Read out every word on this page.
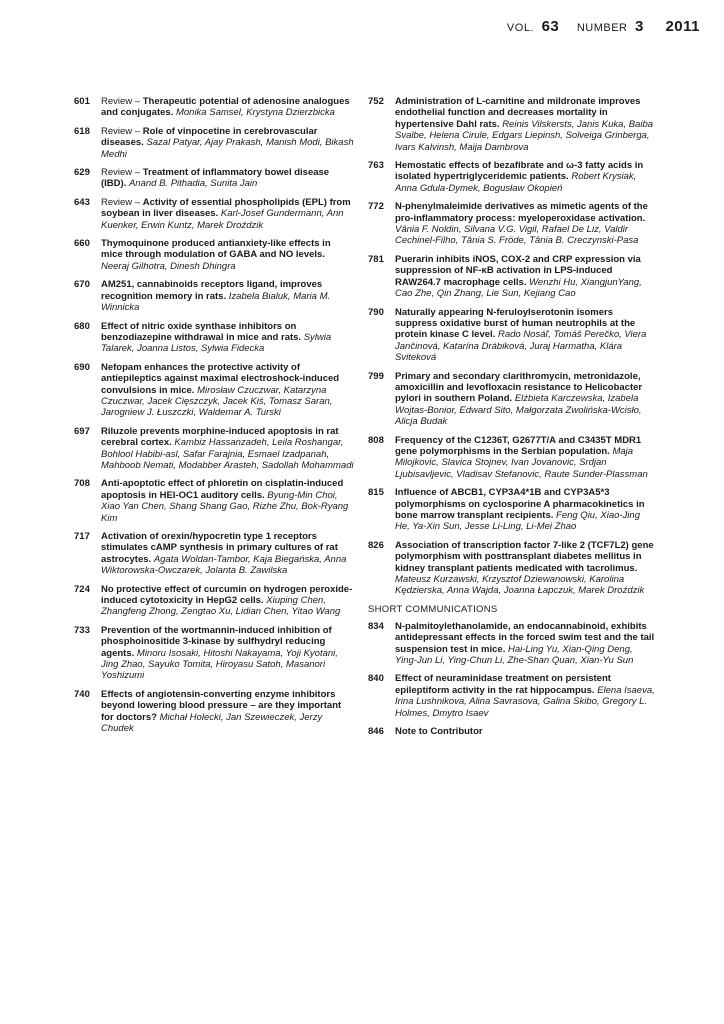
VOL. 63 NUMBER 3 2011
601 Review – Therapeutic potential of adenosine analogues and conjugates. Monika Samsel, Krystyna Dzierzbicka
618 Review – Role of vinpocetine in cerebrovascular diseases. Sazal Patyar, Ajay Prakash, Manish Modi, Bikash Medhi
629 Review – Treatment of inflammatory bowel disease (IBD). Anand B. Pithadia, Sunita Jain
643 Review – Activity of essential phospholipids (EPL) from soybean in liver diseases. Karl-Josef Gundermann, Ann Kuenker, Erwin Kuntz, Marek Droździk
660 Thymoquinone produced antianxiety-like effects in mice through modulation of GABA and NO levels. Neeraj Gilhotra, Dinesh Dhingra
670 AM251, cannabinoids receptors ligand, improves recognition memory in rats. Izabela Bialuk, Maria M. Winnicka
680 Effect of nitric oxide synthase inhibitors on benzodiazepine withdrawal in mice and rats. Sylwia Talarek, Joanna Listos, Sylwia Fidecka
690 Nefopam enhances the protective activity of antiepileptics against maximal electroshock-induced convulsions in mice. Mirosław Czuczwar, Katarzyna Czuczwar, Jacek Cięszczyk, Jacek Kiś, Tomasz Saran, Jarogniew J. Łuszczki, Waldemar A. Turski
697 Riluzole prevents morphine-induced apoptosis in rat cerebral cortex. Kambiz Hassanzadeh, Leila Roshangar, Bohlool Habibi-asl, Safar Farajnia, Esmael Izadpanah, Mahboob Nemati, Modabber Arasteh, Sadollah Mohammadi
708 Anti-apoptotic effect of phloretin on cisplatin-induced apoptosis in HEI-OC1 auditory cells. Byung-Min Choi, Xiao Yan Chen, Shang Shang Gao, Rizhe Zhu, Bok-Ryang Kim
717 Activation of orexin/hypocretin type 1 receptors stimulates cAMP synthesis in primary cultures of rat astrocytes. Agata Woldan-Tambor, Kaja Biegańska, Anna Wiktorowska-Owczarek, Jolanta B. Zawilska
724 No protective effect of curcumin on hydrogen peroxide-induced cytotoxicity in HepG2 cells. Xiuping Chen, Zhangfeng Zhong, Zengtao Xu, Lidian Chen, Yitao Wang
733 Prevention of the wortmannin-induced inhibition of phosphoinositide 3-kinase by sulfhydryl reducing agents. Minoru Isosaki, Hitoshi Nakayama, Yoji Kyotani, Jing Zhao, Sayuko Tomita, Hiroyasu Satoh, Masanori Yoshizumi
740 Effects of angiotensin-converting enzyme inhibitors beyond lowering blood pressure – are they important for doctors? Michał Holecki, Jan Szewieczek, Jerzy Chudek
752 Administration of L-carnitine and mildronate improves endothelial function and decreases mortality in hypertensive Dahl rats. Reinis Vilskersts, Janis Kuka, Baiba Svalbe, Helena Cirule, Edgars Liepinsh, Solveiga Grinberga, Ivars Kalvinsh, Maija Dambrova
763 Hemostatic effects of bezafibrate and ω-3 fatty acids in isolated hypertriglyceridemic patients. Robert Krysiak, Anna Gdula-Dymek, Bogusław Okopień
772 N-phenylmaleimide derivatives as mimetic agents of the pro-inflammatory process: myeloperoxidase activation. Vânia F. Noldin, Silvana V.G. Vigil, Rafael De Liz, Valdir Cechinel-Filho, Tânia S. Fröde, Tânia B. Creczynski-Pasa
781 Puerarin inhibits iNOS, COX-2 and CRP expression via suppression of NF-κB activation in LPS-induced RAW264.7 macrophage cells. Wenzhi Hu, XiangjunYang, Cao Zhe, Qin Zhang, Lie Sun, Kejiang Cao
790 Naturally appearing N-feruloylserotonin isomers suppress oxidative burst of human neutrophils at the protein kinase C level. Rado Nosáľ, Tomáš Perečko, Viera Jančinová, Katarína Drábiková, Juraj Harmatha, Klára Sviteková
799 Primary and secondary clarithromycin, metronidazole, amoxicillin and levofloxacin resistance to Helicobacter pylori in southern Poland. Elżbieta Karczewska, Izabela Wojtas-Bonior, Edward Sito, Małgorzata Zwolińska-Wcisło, Alicja Budak
808 Frequency of the C1236T, G2677T/A and C3435T MDR1 gene polymorphisms in the Serbian population. Maja Milojkovic, Slavica Stojnev, Ivan Jovanovic, Srdjan Ljubisavljevic, Vladisav Stefanovic, Raute Sunder-Plassman
815 Influence of ABCB1, CYP3A4*1B and CYP3A5*3 polymorphisms on cyclosporine A pharmacokinetics in bone marrow transplant recipients. Feng Qiu, Xiao-Jing He, Ya-Xin Sun, Jesse Li-Ling, Li-Mei Zhao
826 Association of transcription factor 7-like 2 (TCF7L2) gene polymorphism with posttransplant diabetes mellitus in kidney transplant patients medicated with tacrolimus. Mateusz Kurzawski, Krzysztof Dziewanowski, Karolina Kędzierska, Anna Wajda, Joanna Łapczuk, Marek Droździk
SHORT COMMUNICATIONS
834 N-palmitoylethanolamide, an endocannabinoid, exhibits antidepressant effects in the forced swim test and the tail suspension test in mice. Hai-Ling Yu, Xian-Qing Deng, Ying-Jun Li, Ying-Chun Li, Zhe-Shan Quan, Xian-Yu Sun
840 Effect of neuraminidase treatment on persistent epileptiform activity in the rat hippocampus. Elena Isaeva, Irina Lushnikova, Alina Savrasova, Galina Skibo, Gregory L. Holmes, Dmytro Isaev
846 Note to Contributor
